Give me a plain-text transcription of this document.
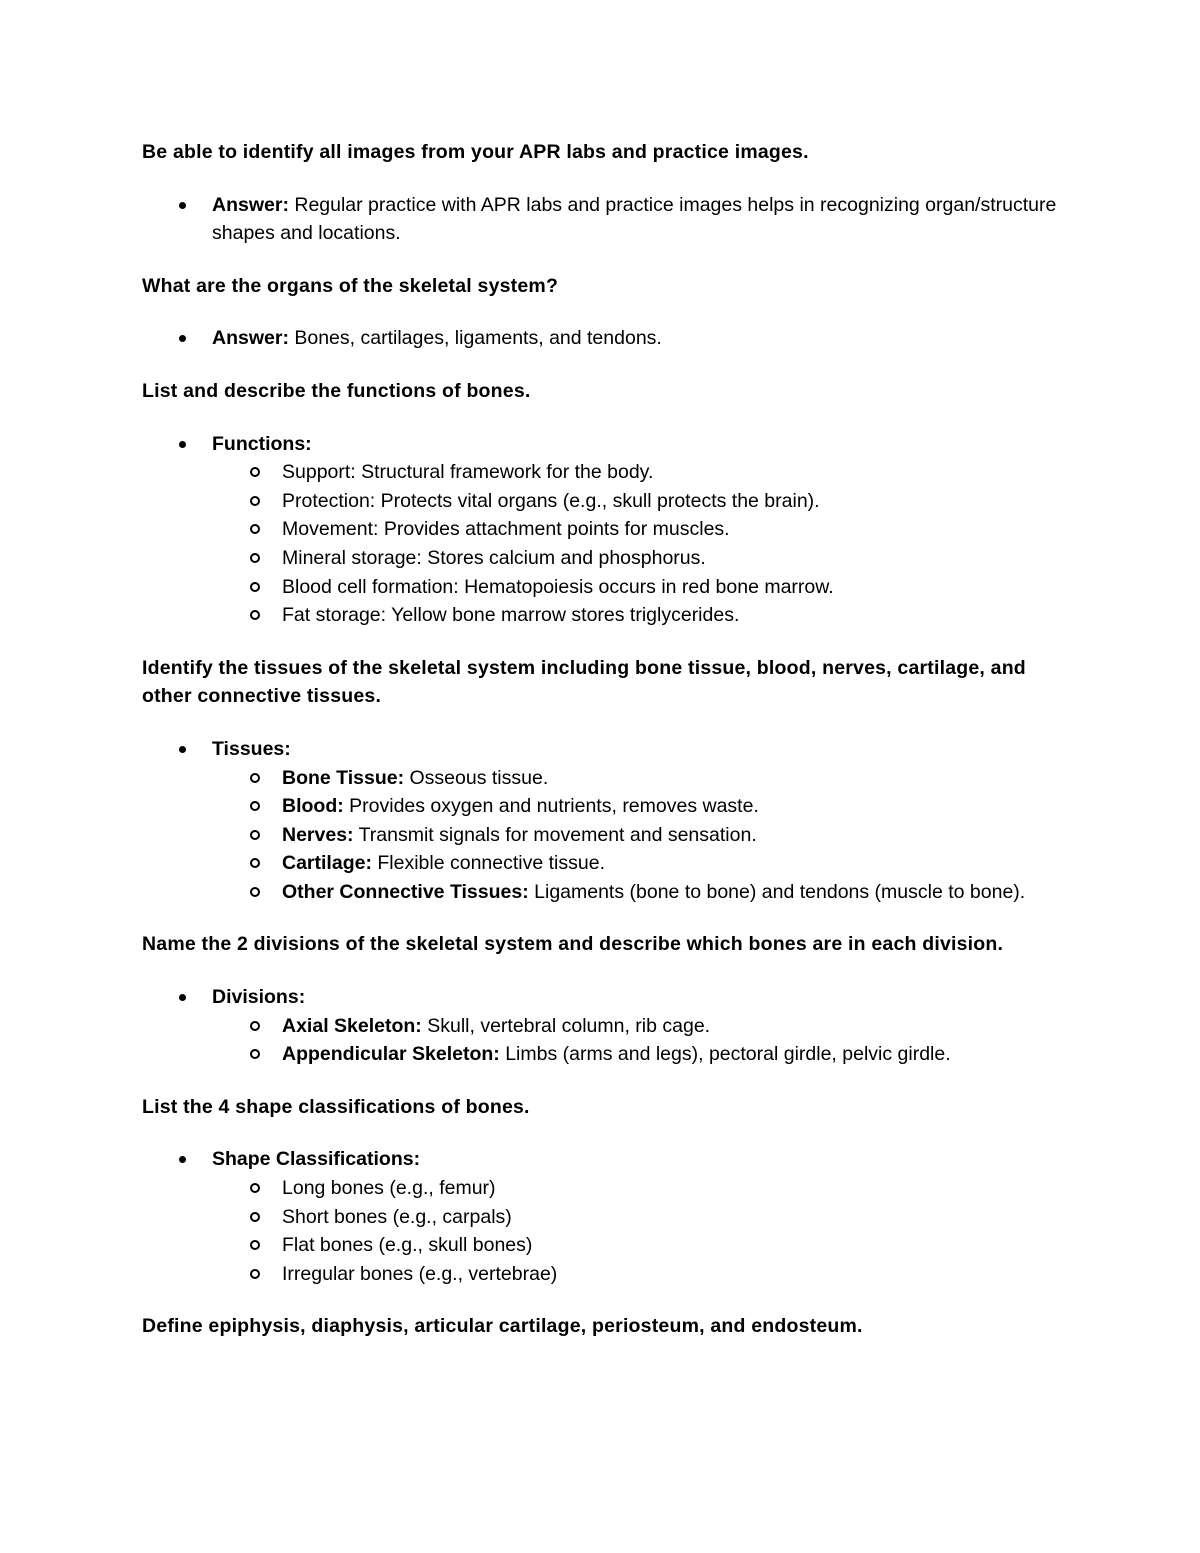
Be able to identify all images from your APR labs and practice images.
Answer: Regular practice with APR labs and practice images helps in recognizing organ/structure shapes and locations.
What are the organs of the skeletal system?
Answer: Bones, cartilages, ligaments, and tendons.
List and describe the functions of bones.
Functions:
Support: Structural framework for the body.
Protection: Protects vital organs (e.g., skull protects the brain).
Movement: Provides attachment points for muscles.
Mineral storage: Stores calcium and phosphorus.
Blood cell formation: Hematopoiesis occurs in red bone marrow.
Fat storage: Yellow bone marrow stores triglycerides.
Identify the tissues of the skeletal system including bone tissue, blood, nerves, cartilage, and other connective tissues.
Tissues:
Bone Tissue: Osseous tissue.
Blood: Provides oxygen and nutrients, removes waste.
Nerves: Transmit signals for movement and sensation.
Cartilage: Flexible connective tissue.
Other Connective Tissues: Ligaments (bone to bone) and tendons (muscle to bone).
Name the 2 divisions of the skeletal system and describe which bones are in each division.
Divisions:
Axial Skeleton: Skull, vertebral column, rib cage.
Appendicular Skeleton: Limbs (arms and legs), pectoral girdle, pelvic girdle.
List the 4 shape classifications of bones.
Shape Classifications:
Long bones (e.g., femur)
Short bones (e.g., carpals)
Flat bones (e.g., skull bones)
Irregular bones (e.g., vertebrae)
Define epiphysis, diaphysis, articular cartilage, periosteum, and endosteum.
